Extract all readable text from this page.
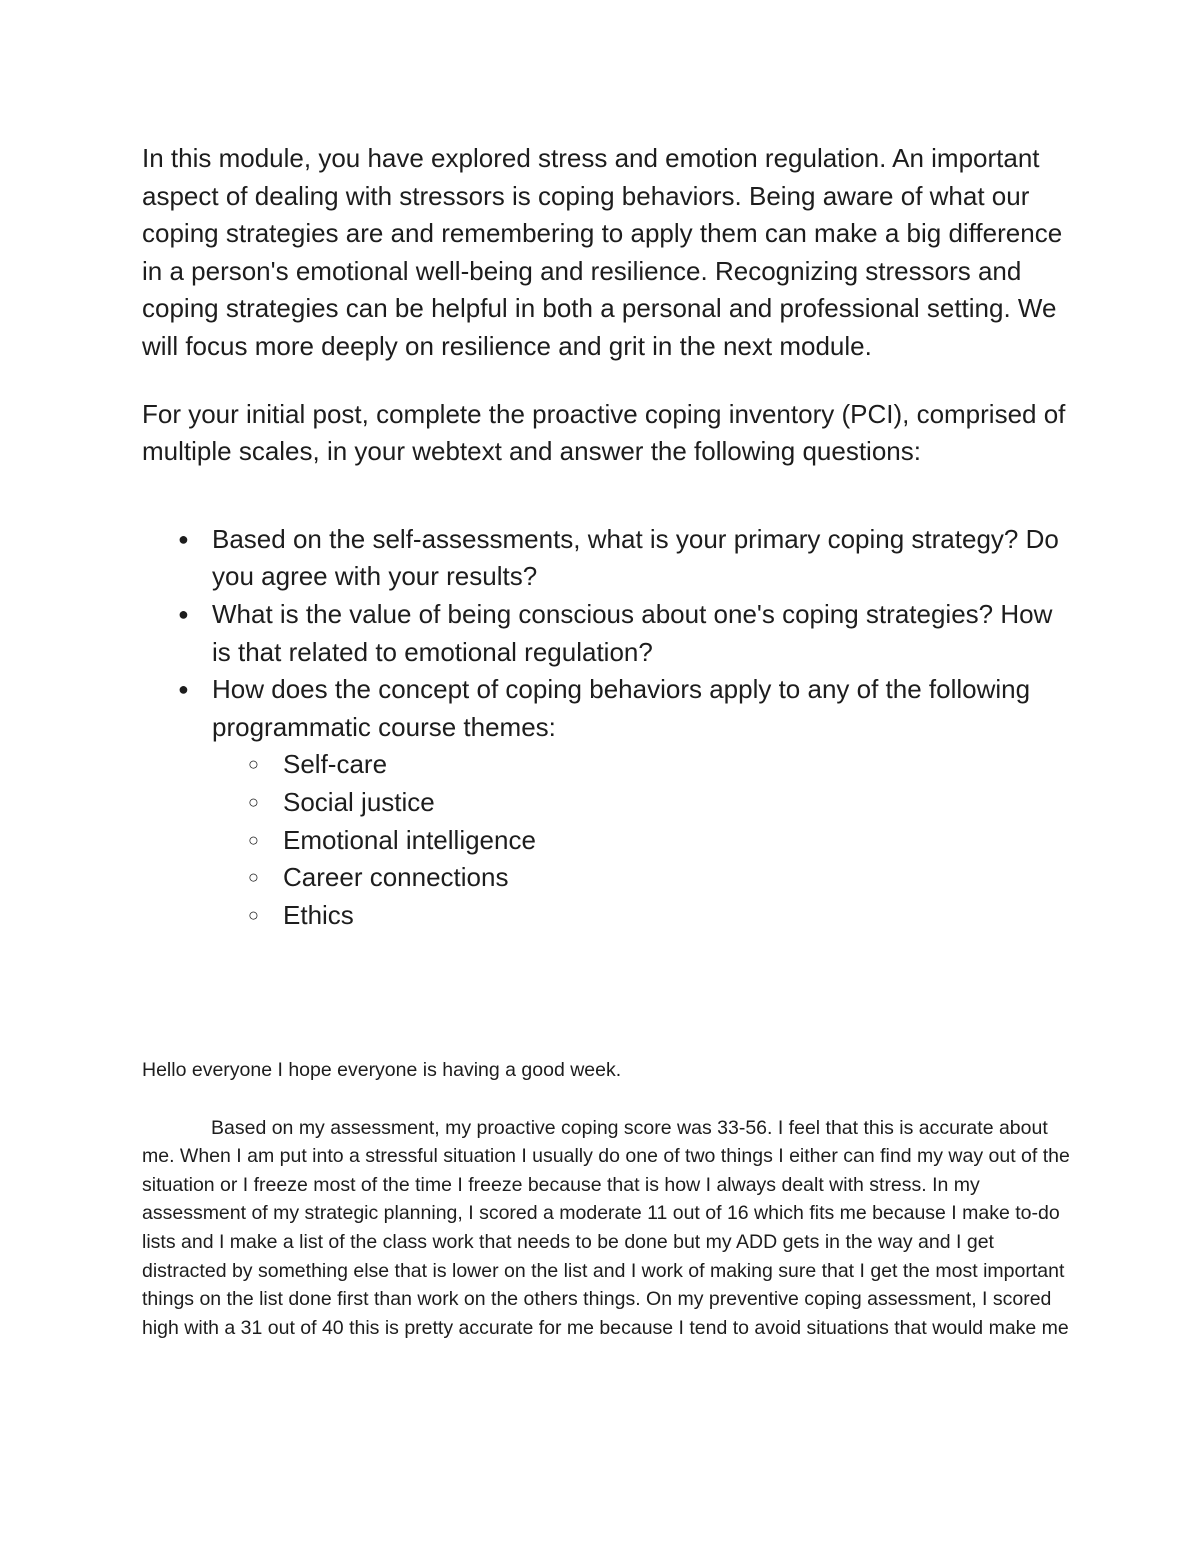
In this module, you have explored stress and emotion regulation. An important aspect of dealing with stressors is coping behaviors. Being aware of what our coping strategies are and remembering to apply them can make a big difference in a person's emotional well-being and resilience. Recognizing stressors and coping strategies can be helpful in both a personal and professional setting. We will focus more deeply on resilience and grit in the next module.

For your initial post, complete the proactive coping inventory (PCI), comprised of multiple scales, in your webtext and answer the following questions:

● Based on the self-assessments, what is your primary coping strategy? Do you agree with your results?
● What is the value of being conscious about one's coping strategies? How is that related to emotional regulation?
● How does the concept of coping behaviors apply to any of the following programmatic course themes:
○ Self-care
○ Social justice
○ Emotional intelligence
○ Career connections
○ Ethics

Hello everyone I hope everyone is having a good week.

Based on my assessment, my proactive coping score was 33-56. I feel that this is accurate about me. When I am put into a stressful situation I usually do one of two things I either can find my way out of the situation or I freeze most of the time I freeze because that is how I always dealt with stress. In my assessment of my strategic planning, I scored a moderate 11 out of 16 which fits me because I make to-do lists and I make a list of the class work that needs to be done but my ADD gets in the way and I get distracted by something else that is lower on the list and I work of making sure that I get the most important things on the list done first than work on the others things. On my preventive coping assessment, I scored high with a 31 out of 40 this is pretty accurate for me because I tend to avoid situations that would make me
